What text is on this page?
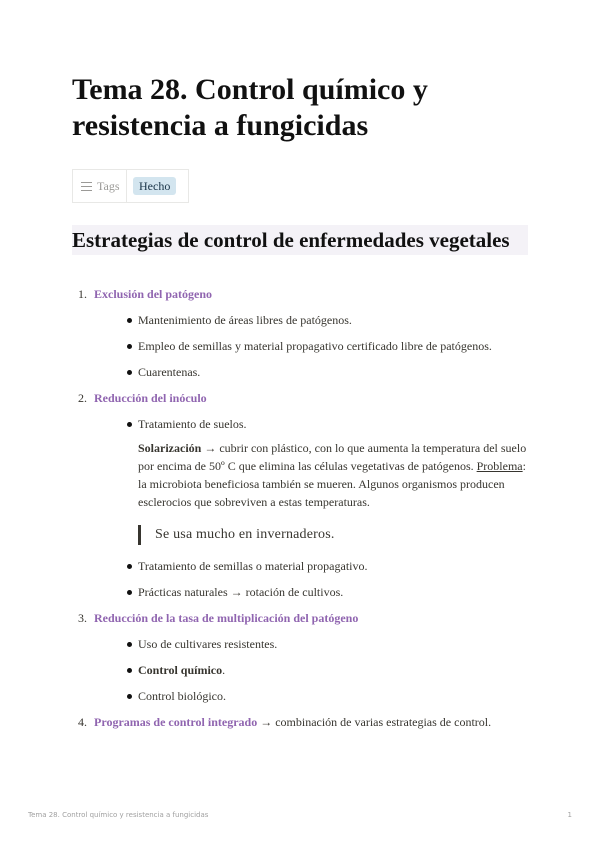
Tema 28. Control químico y resistencia a fungicidas
Tags	Hecho
Estrategias de control de enfermedades vegetales
1. Exclusión del patógeno
Mantenimiento de áreas libres de patógenos.
Empleo de semillas y material propagativo certificado libre de patógenos.
Cuarentenas.
2. Reducción del inóculo
Tratamiento de suelos.
Solarización → cubrir con plástico, con lo que aumenta la temperatura del suelo por encima de 50º C que elimina las células vegetativas de patógenos. Problema: la microbiota beneficiosa también se mueren. Algunos organismos producen esclerocios que sobreviven a estas temperaturas.
Se usa mucho en invernaderos.
Tratamiento de semillas o material propagativo.
Prácticas naturales → rotación de cultivos.
3. Reducción de la tasa de multiplicación del patógeno
Uso de cultivares resistentes.
Control químico.
Control biológico.
4. Programas de control integrado → combinación de varias estrategias de control.
Tema 28. Control químico y resistencia a fungicidas	1
